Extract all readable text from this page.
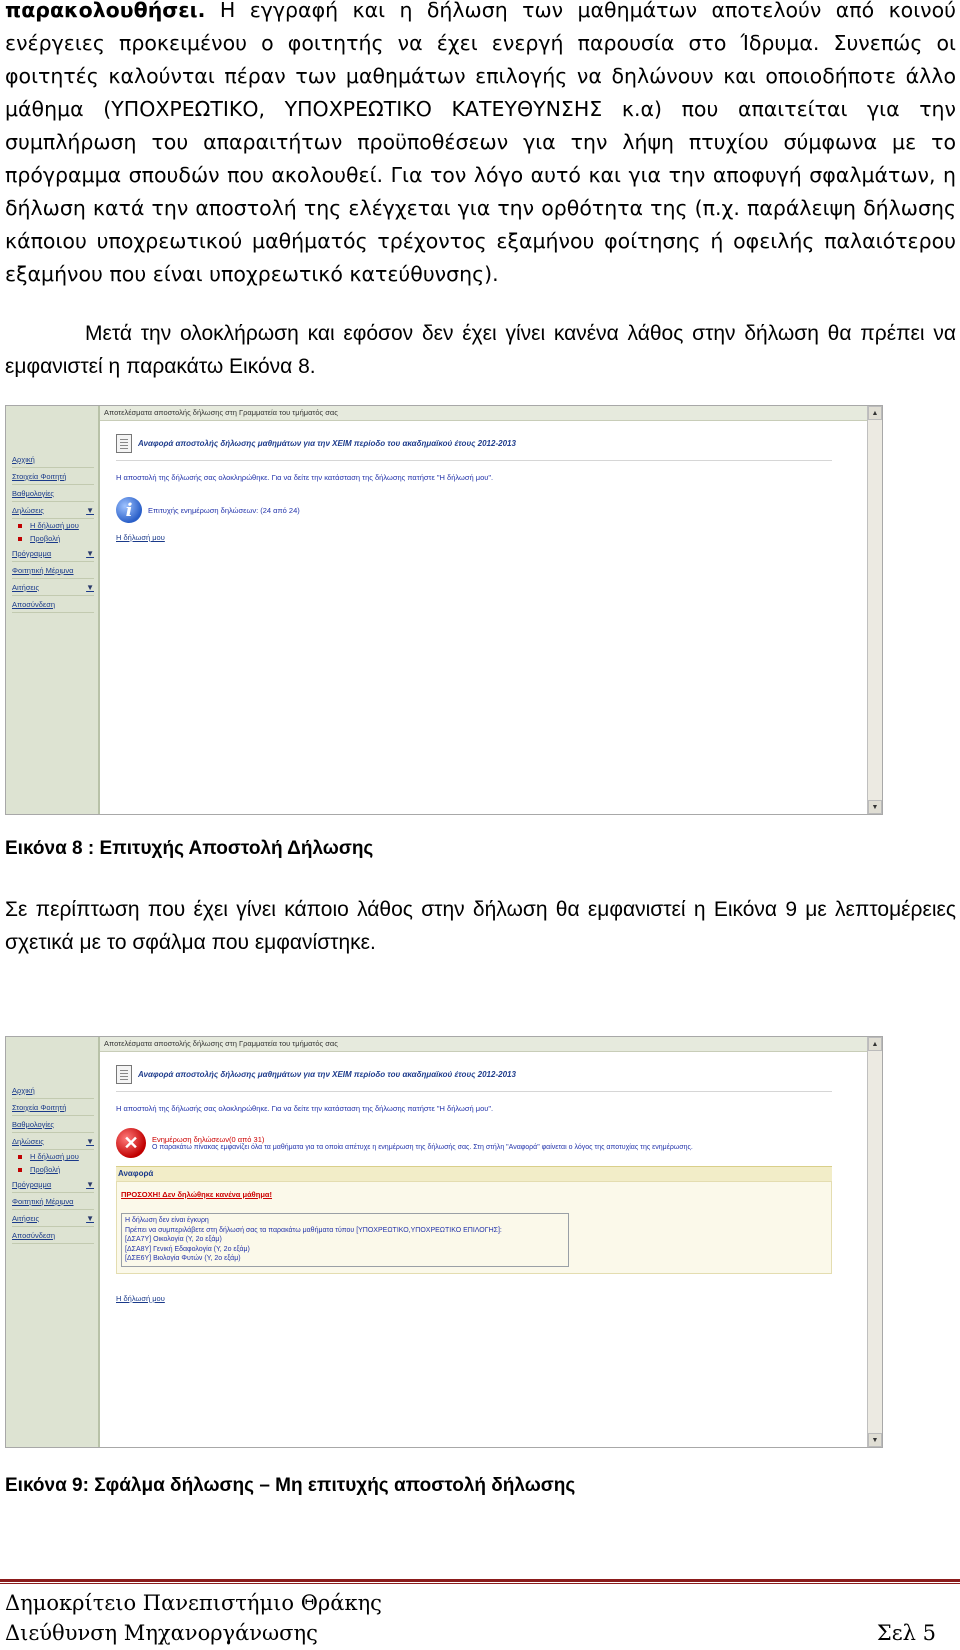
παρακολουθήσει. Η εγγραφή και η δήλωση των μαθημάτων αποτελούν από κοινού ενέργειες προκειμένου ο φοιτητής να έχει ενεργή παρουσία στο Ίδρυμα. Συνεπώς οι φοιτητές καλούνται πέραν των μαθημάτων επιλογής να δηλώνουν και οποιοδήποτε άλλο μάθημα (ΥΠΟΧΡΕΩΤΙΚΟ, ΥΠΟΧΡΕΩΤΙΚΟ ΚΑΤΕΥΘΥΝΣΗΣ κ.α) που απαιτείται για την συμπλήρωση του απαραιτήτων προϋποθέσεων για την λήψη πτυχίου σύμφωνα με το πρόγραμμα σπουδών που ακολουθεί. Για τον λόγο αυτό και για την αποφυγή σφαλμάτων, η δήλωση κατά την αποστολή της ελέγχεται για την ορθότητα της (π.χ. παράλειψη δήλωσης κάποιου υποχρεωτικού μαθήματός τρέχοντος εξαμήνου φοίτησης ή οφειλής παλαιότερου εξαμήνου που είναι υποχρεωτικό κατεύθυνσης).

Μετά την ολοκλήρωση και εφόσον δεν έχει γίνει κανένα λάθος στην δήλωση θα πρέπει να εμφανιστεί η παρακάτω Εικόνα 8.

Αποτελέσματα αποστολής δήλωσης στη Γραμματεία του τμήματός σας
Αρχική
Στοιχεία Φοιτητή
Βαθμολογίες
Δηλώσεις	▼
Η δήλωσή μου
Προβολή
Πρόγραμμα	▼
Φοιτητική Μέριμνα
Αιτήσεις	▼
Αποσύνδεση
Αναφορά αποστολής δήλωσης μαθημάτων για την ΧΕΙΜ περίοδο του ακαδημαϊκού έτους 2012-2013
Η αποστολή της δήλωσής σας ολοκληρώθηκε. Για να δείτε την κατάσταση της δήλωσης πατήστε "Η δήλωσή μου".
i	Επιτυχής ενημέρωση δηλώσεων: (24 από 24)
Η δήλωσή μου
▲
▼

Εικόνα 8 : Επιτυχής Αποστολή Δήλωσης

Σε περίπτωση που έχει γίνει κάποιο λάθος στην δήλωση θα εμφανιστεί η Εικόνα 9 με λεπτομέρειες σχετικά με το σφάλμα που εμφανίστηκε.

Αποτελέσματα αποστολής δήλωσης στη Γραμματεία του τμήματός σας
Αρχική
Στοιχεία Φοιτητή
Βαθμολογίες
Δηλώσεις	▼
Η δήλωσή μου
Προβολή
Πρόγραμμα	▼
Φοιτητική Μέριμνα
Αιτήσεις	▼
Αποσύνδεση
Αναφορά αποστολής δήλωσης μαθημάτων για την ΧΕΙΜ περίοδο του ακαδημαϊκού έτους 2012-2013
Η αποστολή της δήλωσής σας ολοκληρώθηκε. Για να δείτε την κατάσταση της δήλωσης πατήστε "Η δήλωσή μου".
✕	Ενημέρωση δηλώσεων(0 από 31)
Ο παρακάτω πίνακας εμφανίζει όλα τα μαθήματα για τα οποία απέτυχε η ενημέρωση της δήλωσής σας. Στη στήλη "Αναφορά" φαίνεται ο λόγος της αποτυχίας της ενημέρωσης.
Αναφορά
ΠΡΟΣΟΧΗ! Δεν δηλώθηκε κανένα μάθημα!
Η δήλωση δεν είναι έγκυρη
Πρέπει να συμπεριλάβετε στη δήλωσή σας τα παρακάτω μαθήματα τύπου [ΥΠΟΧΡΕΩΤΙΚΟ,ΥΠΟΧΡΕΩΤΙΚΟ ΕΠΙΛΟΓΗΣ]:
[ΔΣΑ7Υ] Οικολογία (Υ, 2ο εξάμ)
[ΔΣΑ8Υ] Γενική Εδαφολογία (Υ, 2ο εξάμ)
[ΔΣΕ6Υ] Βιολογία Φυτών (Υ, 2ο εξάμ)
Η δήλωσή μου
▲
▼

Εικόνα 9: Σφάλμα δήλωσης – Μη επιτυχής αποστολή δήλωσης

Δημοκρίτειο Πανεπιστήμιο Θράκης

Διεύθυνση Μηχανοργάνωσης	Σελ 5
